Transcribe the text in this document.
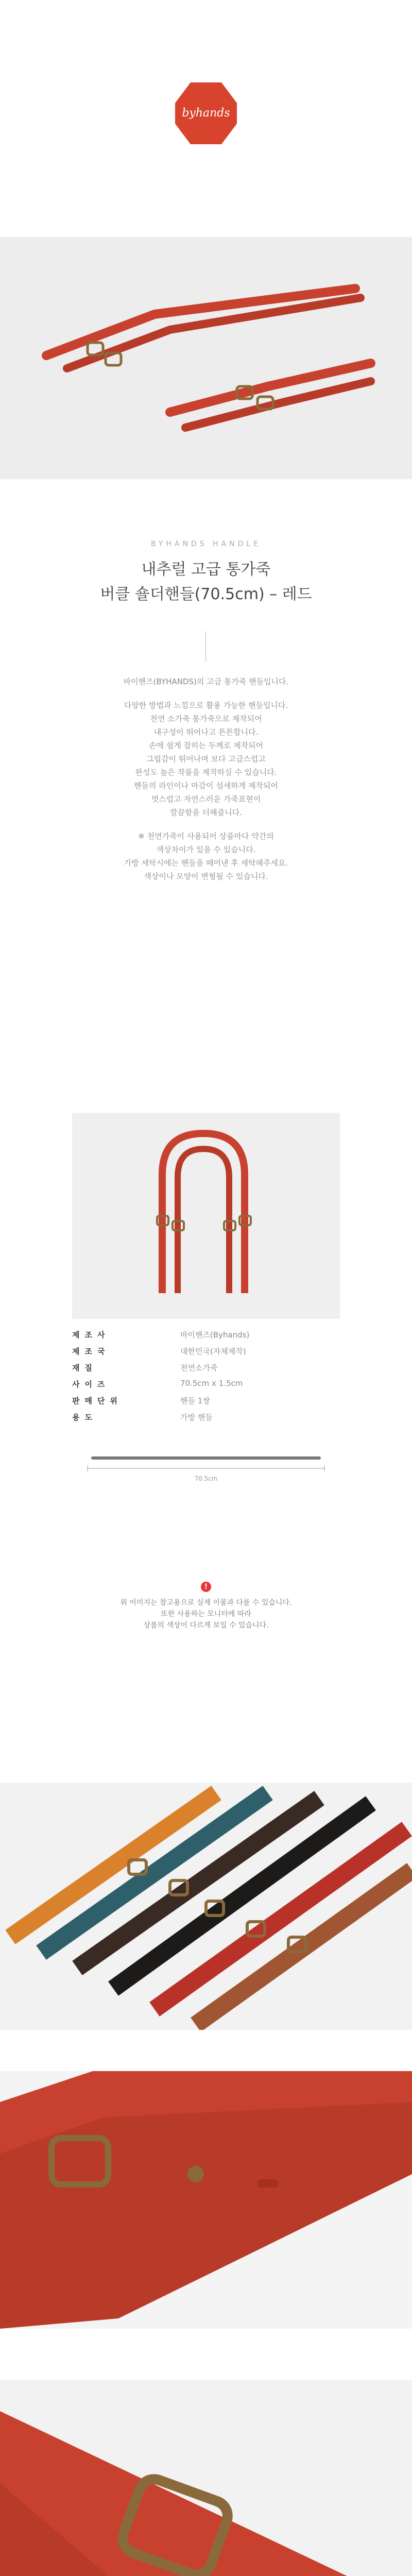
byhands
BYHANDS HANDLE
내추럴 고급 통가죽
버클 숄더핸들(70.5cm) – 레드
바이핸즈(BYHANDS)의 고급 통가죽 핸들입니다.
다양한 방법과 느낌으로 활용 가능한 핸들입니다.
천연 소가죽 통가죽으로 제작되어
내구성이 뛰어나고 튼튼합니다.
손에 쉽게 잡히는 두께로 제작되어
그립감이 뛰어나며 보다 고급스럽고
완성도 높은 작품을 제작하실 수 있습니다.
핸들의 라인이나 마감이 섬세하게 제작되어
멋스럽고 자연스러운 가죽표현이
깔끔함을 더해줍니다.
※ 천연가죽이 사용되어 상품마다 약간의
색상차이가 있을 수 있습니다.
가방 세탁시에는 핸들을 떼어낸 후 세탁해주세요.
색상이나 모양이 변형될 수 있습니다.
제조사	바이핸즈(Byhands)
제조국	대한민국(자체제작)
재질	천연소가죽
사이즈	70.5cm x 1.5cm
판매단위	핸들 1쌍
용도	가방 핸들
70.5cm
!
위 이미지는 참고용으로 실제 이물과 다를 수 있습니다.
또한 사용하는 모니터에 따라
상품의 색상이 다르게 보일 수 있습니다.
